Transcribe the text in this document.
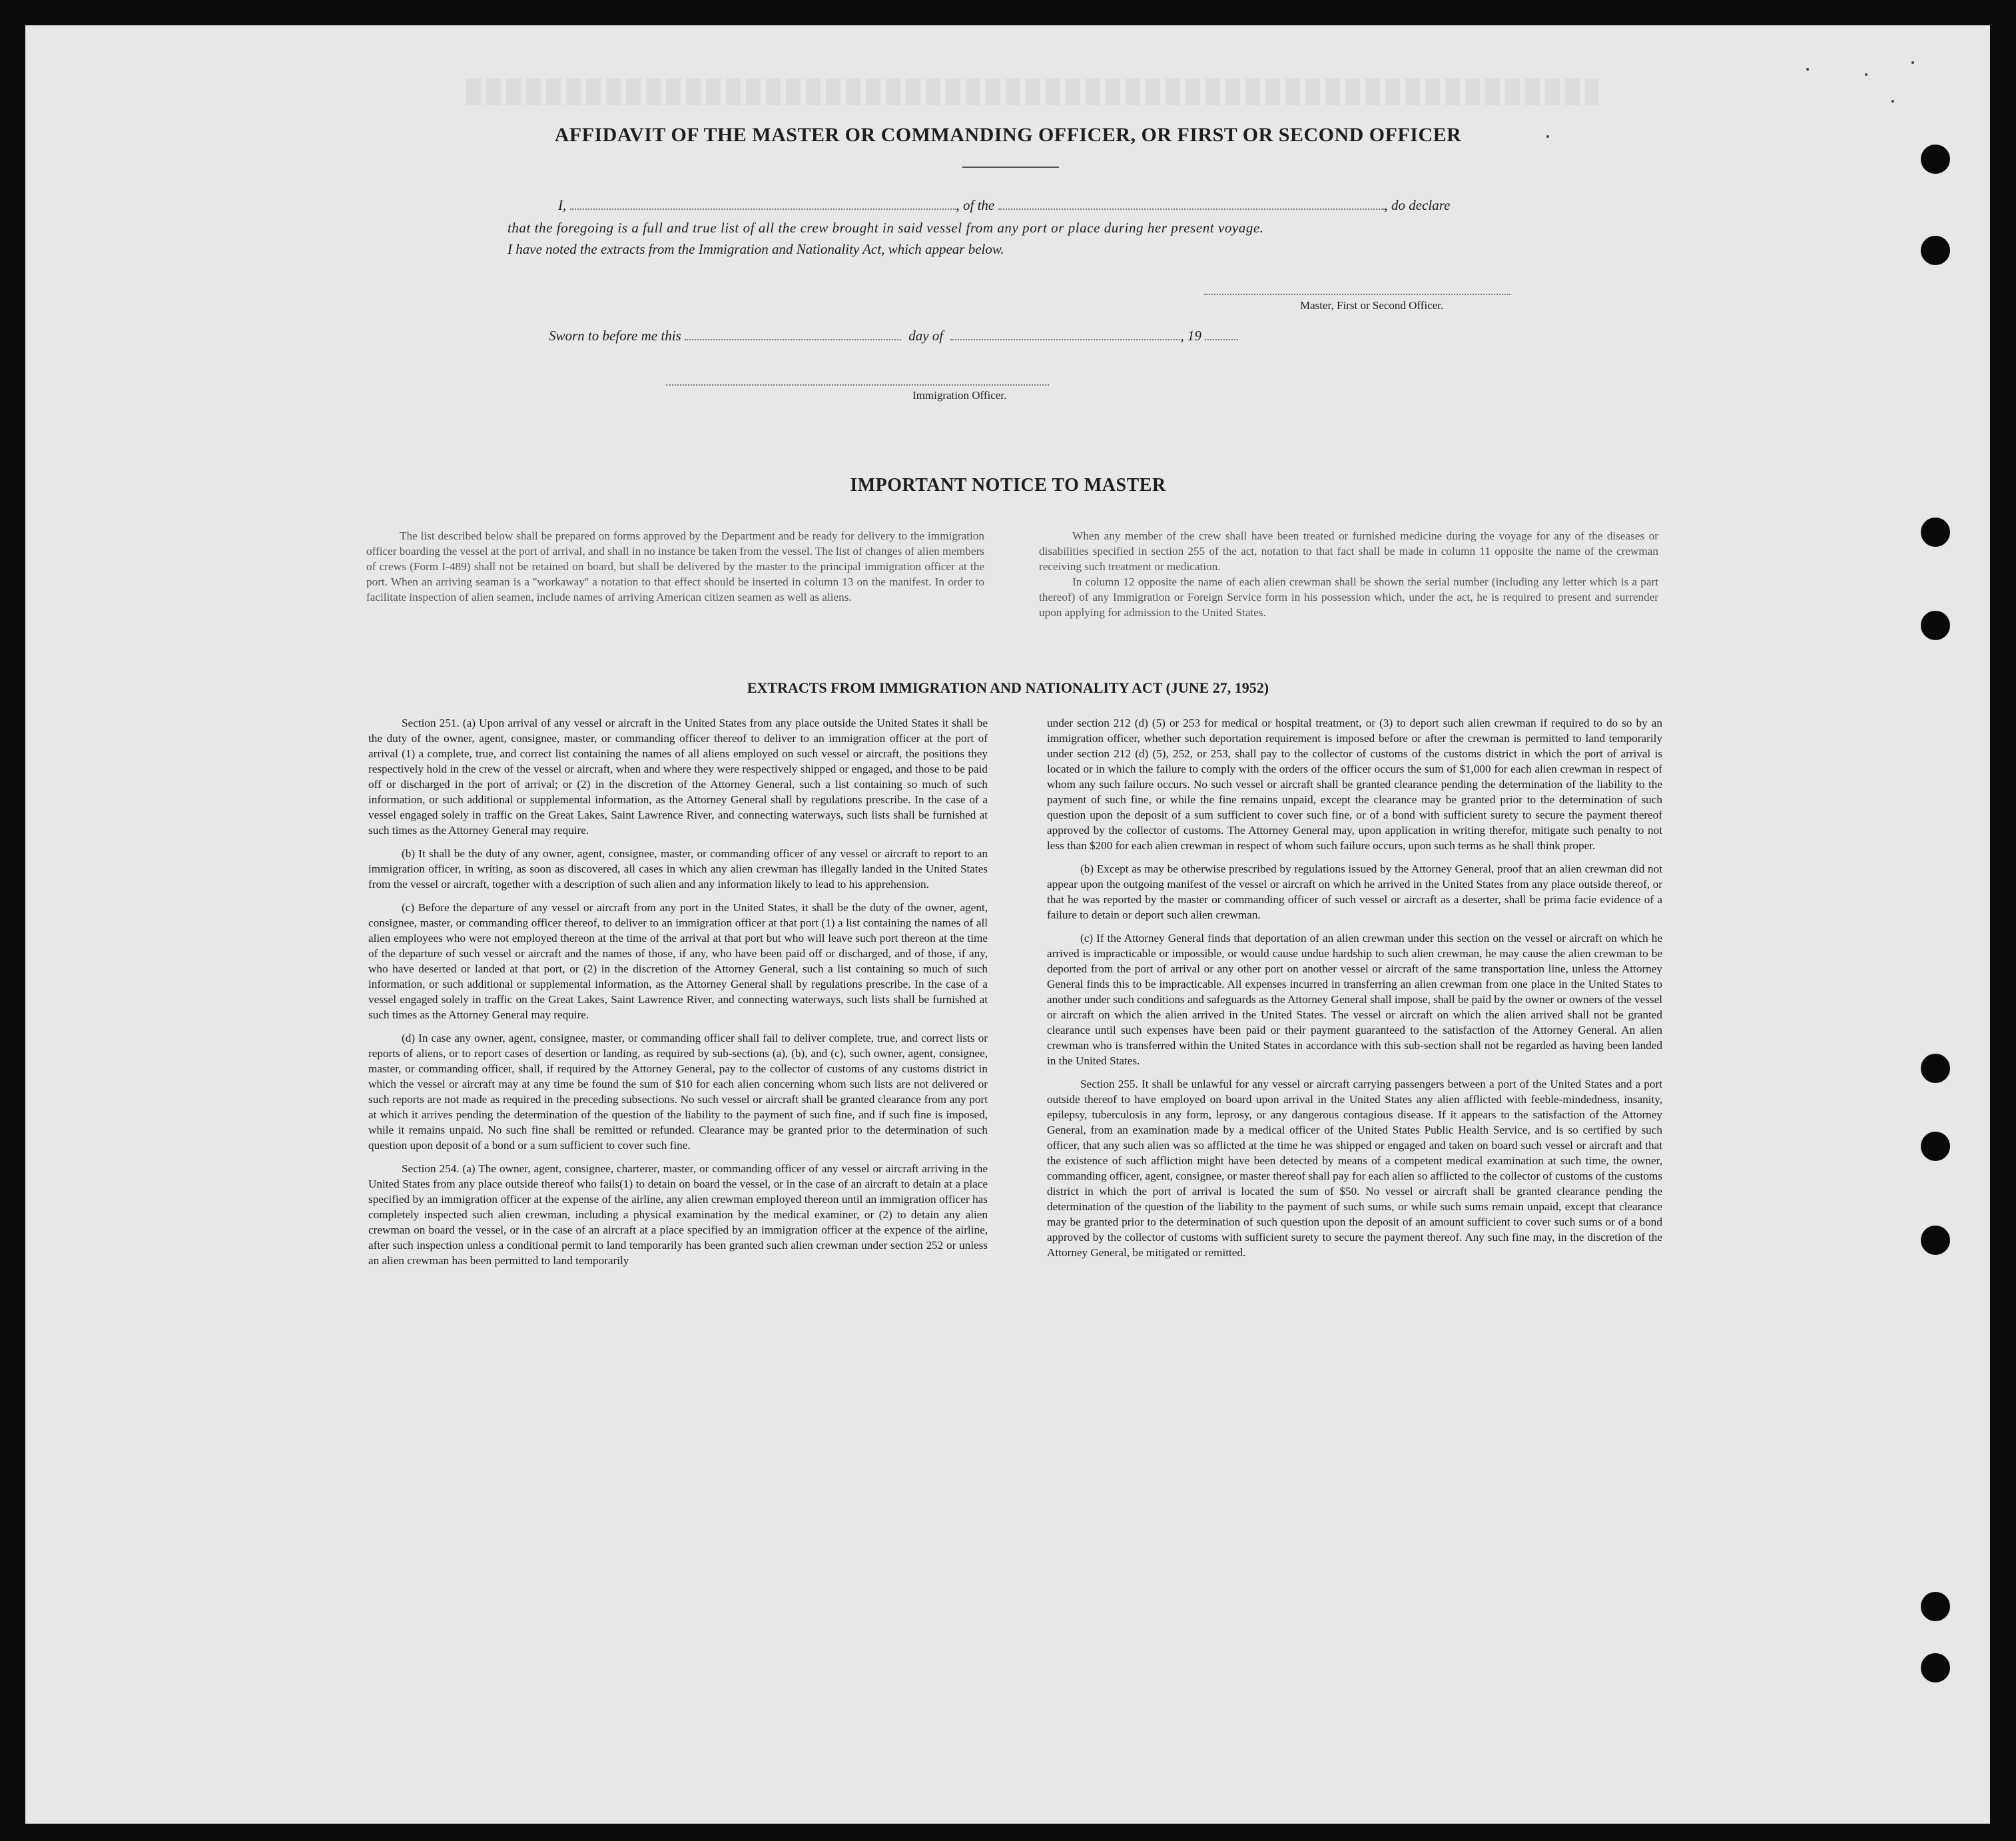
AFFIDAVIT OF THE MASTER OR COMMANDING OFFICER, OR FIRST OR SECOND OFFICER
I,	, of the	, do declare
that the foregoing is a full and true list of all the crew brought in said vessel from any port or place during her present voyage.
I have noted the extracts from the Immigration and Nationality Act, which appear below.
Master, First or Second Officer.
Sworn to before me this	day of	, 19
Immigration Officer.
IMPORTANT NOTICE TO MASTER

The list described below shall be prepared on forms approved by the Department and be ready for delivery to the immigration officer boarding the vessel at the port of arrival, and shall in no instance be taken from the vessel. The list of changes of alien members of crews (Form I-489) shall not be retained on board, but shall be delivered by the master to the principal immigration officer at the port. When an arriving seaman is a ''workaway'' a notation to that effect should be inserted in column 13 on the manifest. In order to facilitate inspection of alien seamen, include names of arriving American citizen seamen as well as aliens.

When any member of the crew shall have been treated or furnished medicine during the voyage for any of the diseases or disabilities specified in section 255 of the act, notation to that fact shall be made in column 11 opposite the name of the crewman receiving such treatment or medication.

In column 12 opposite the name of each alien crewman shall be shown the serial number (including any letter which is a part thereof) of any Immigration or Foreign Service form in his possession which, under the act, he is required to present and surrender upon applying for admission to the United States.

EXTRACTS FROM IMMIGRATION AND NATIONALITY ACT (JUNE 27, 1952)

Section 251. (a) Upon arrival of any vessel or aircraft in the United States from any place outside the United States it shall be the duty of the owner, agent, consignee, master, or commanding officer thereof to deliver to an immigration officer at the port of arrival (1) a complete, true, and correct list containing the names of all aliens employed on such vessel or aircraft, the positions they respectively hold in the crew of the vessel or aircraft, when and where they were respectively shipped or engaged, and those to be paid off or discharged in the port of arrival; or (2) in the discretion of the Attorney General, such a list containing so much of such information, or such additional or supplemental information, as the Attorney General shall by regulations prescribe. In the case of a vessel engaged solely in traffic on the Great Lakes, Saint Lawrence River, and connecting waterways, such lists shall be furnished at such times as the Attorney General may require.

(b) It shall be the duty of any owner, agent, consignee, master, or commanding officer of any vessel or aircraft to report to an immigration officer, in writing, as soon as discovered, all cases in which any alien crewman has illegally landed in the United States from the vessel or aircraft, together with a description of such alien and any information likely to lead to his apprehension.

(c) Before the departure of any vessel or aircraft from any port in the United States, it shall be the duty of the owner, agent, consignee, master, or commanding officer thereof, to deliver to an immigration officer at that port (1) a list containing the names of all alien employees who were not employed thereon at the time of the arrival at that port but who will leave such port thereon at the time of the departure of such vessel or aircraft and the names of those, if any, who have been paid off or discharged, and of those, if any, who have deserted or landed at that port, or (2) in the discretion of the Attorney General, such a list containing so much of such information, or such additional or supplemental information, as the Attorney General shall by regulations prescribe. In the case of a vessel engaged solely in traffic on the Great Lakes, Saint Lawrence River, and connecting waterways, such lists shall be furnished at such times as the Attorney General may require.

(d) In case any owner, agent, consignee, master, or commanding officer shall fail to deliver complete, true, and correct lists or reports of aliens, or to report cases of desertion or landing, as required by sub-sections (a), (b), and (c), such owner, agent, consignee, master, or commanding officer, shall, if required by the Attorney General, pay to the collector of customs of any customs district in which the vessel or aircraft may at any time be found the sum of $10 for each alien concerning whom such lists are not delivered or such reports are not made as required in the preceding subsections. No such vessel or aircraft shall be granted clearance from any port at which it arrives pending the determination of the question of the liability to the payment of such fine, and if such fine is imposed, while it remains unpaid. No such fine shall be remitted or refunded. Clearance may be granted prior to the determination of such question upon deposit of a bond or a sum sufficient to cover such fine.

Section 254. (a) The owner, agent, consignee, charterer, master, or commanding officer of any vessel or aircraft arriving in the United States from any place outside thereof who fails(1) to detain on board the vessel, or in the case of an aircraft to detain at a place specified by an immigration officer at the expense of the airline, any alien crewman employed thereon until an immigration officer has completely inspected such alien crewman, including a physical examination by the medical examiner, or (2) to detain any alien crewman on board the vessel, or in the case of an aircraft at a place specified by an immigration officer at the expence of the airline, after such inspection unless a conditional permit to land temporarily has been granted such alien crewman under section 252 or unless an alien crewman has been permitted to land temporarily

under section 212 (d) (5) or 253 for medical or hospital treatment, or (3) to deport such alien crewman if required to do so by an immigration officer, whether such deportation requirement is imposed before or after the crewman is permitted to land temporarily under section 212 (d) (5), 252, or 253, shall pay to the collector of customs of the customs district in which the port of arrival is located or in which the failure to comply with the orders of the officer occurs the sum of $1,000 for each alien crewman in respect of whom any such failure occurs. No such vessel or aircraft shall be granted clearance pending the determination of the liability to the payment of such fine, or while the fine remains unpaid, except the clearance may be granted prior to the determination of such question upon the deposit of a sum sufficient to cover such fine, or of a bond with sufficient surety to secure the payment thereof approved by the collector of customs. The Attorney General may, upon application in writing therefor, mitigate such penalty to not less than $200 for each alien crewman in respect of whom such failure occurs, upon such terms as he shall think proper.

(b) Except as may be otherwise prescribed by regulations issued by the Attorney General, proof that an alien crewman did not appear upon the outgoing manifest of the vessel or aircraft on which he arrived in the United States from any place outside thereof, or that he was reported by the master or commanding officer of such vessel or aircraft as a deserter, shall be prima facie evidence of a failure to detain or deport such alien crewman.

(c) If the Attorney General finds that deportation of an alien crewman under this section on the vessel or aircraft on which he arrived is impracticable or impossible, or would cause undue hardship to such alien crewman, he may cause the alien crewman to be deported from the port of arrival or any other port on another vessel or aircraft of the same transportation line, unless the Attorney General finds this to be impracticable. All expenses incurred in transferring an alien crewman from one place in the United States to another under such conditions and safeguards as the Attorney General shall impose, shall be paid by the owner or owners of the vessel or aircraft on which the alien arrived in the United States. The vessel or aircraft on which the alien arrived shall not be granted clearance until such expenses have been paid or their payment guaranteed to the satisfaction of the Attorney General. An alien crewman who is transferred within the United States in accordance with this sub-section shall not be regarded as having been landed in the United States.

Section 255. It shall be unlawful for any vessel or aircraft carrying passengers between a port of the United States and a port outside thereof to have employed on board upon arrival in the United States any alien afflicted with feeble-mindedness, insanity, epilepsy, tuberculosis in any form, leprosy, or any dangerous contagious disease. If it appears to the satisfaction of the Attorney General, from an examination made by a medical officer of the United States Public Health Service, and is so certified by such officer, that any such alien was so afflicted at the time he was shipped or engaged and taken on board such vessel or aircraft and that the existence of such affliction might have been detected by means of a competent medical examination at such time, the owner, commanding officer, agent, consignee, or master thereof shall pay for each alien so afflicted to the collector of customs of the customs district in which the port of arrival is located the sum of $50. No vessel or aircraft shall be granted clearance pending the determination of the question of the liability to the payment of such sums, or while such sums remain unpaid, except that clearance may be granted prior to the determination of such question upon the deposit of an amount sufficient to cover such sums or of a bond approved by the collector of customs with sufficient surety to secure the payment thereof. Any such fine may, in the discretion of the Attorney General, be mitigated or remitted.
